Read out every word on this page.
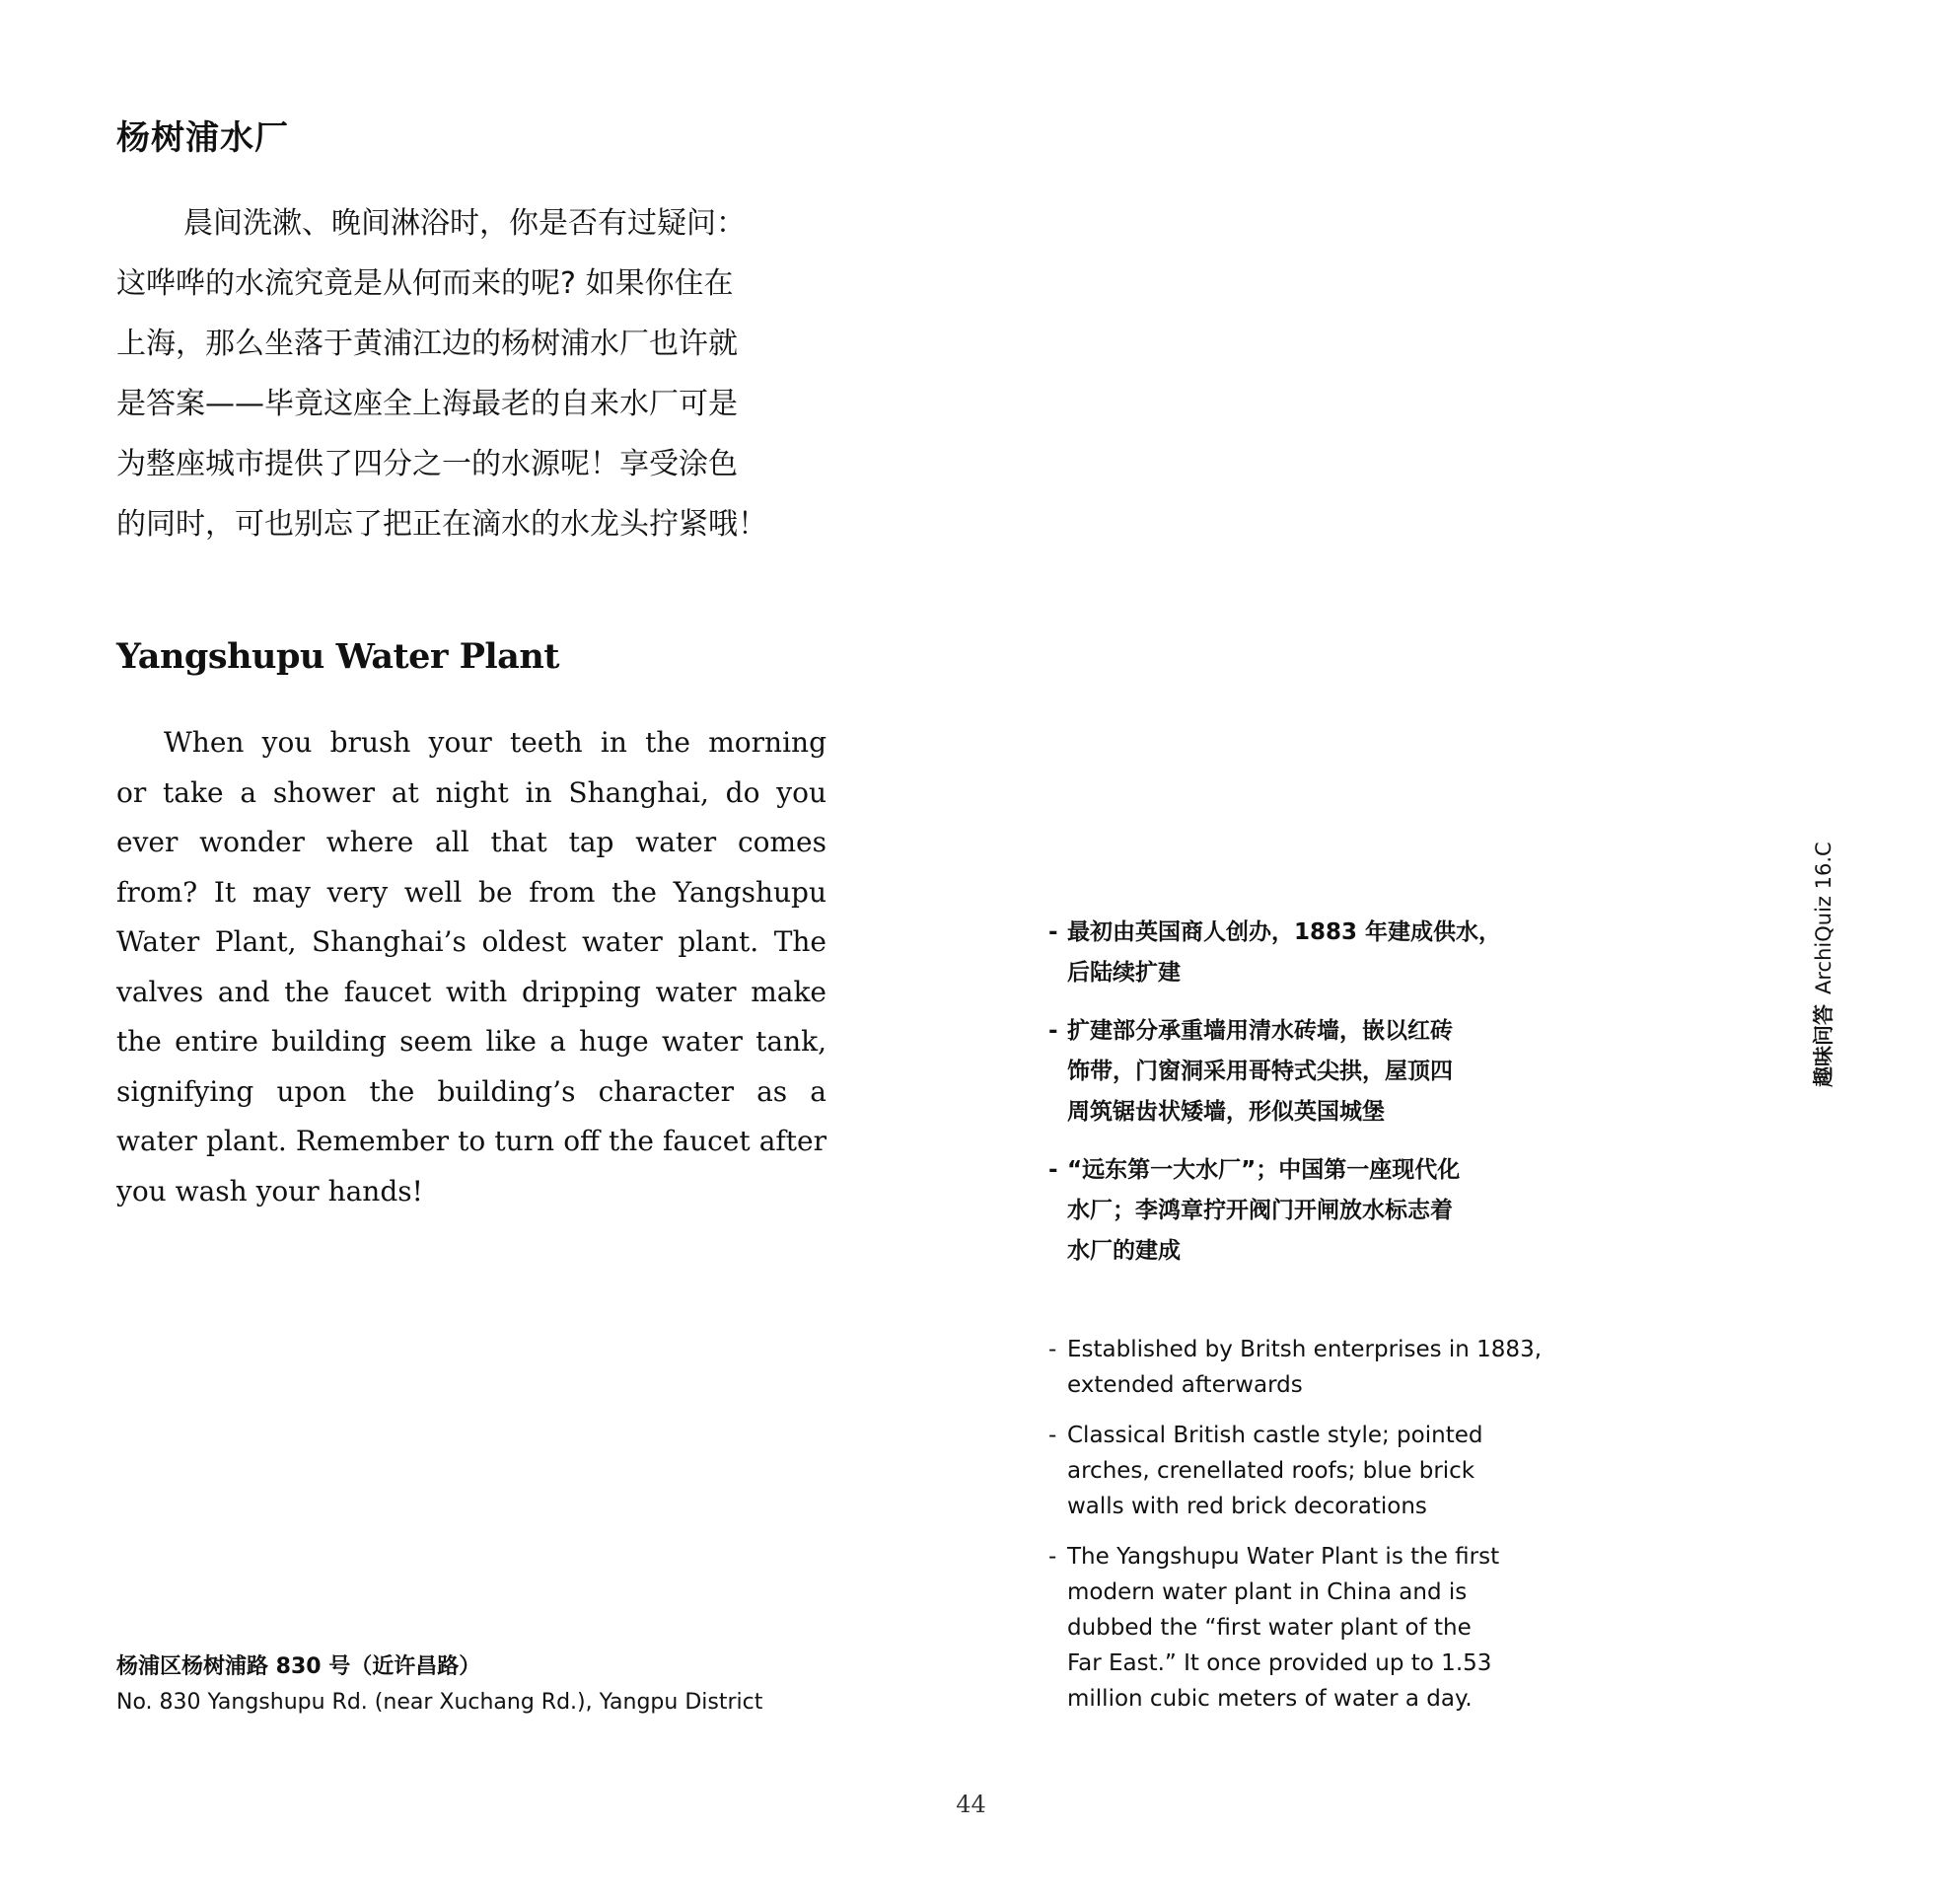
杨树浦水厂
晨间洗漱、晚间淋浴时，你是否有过疑问：
这哗哗的水流究竟是从何而来的呢? 如果你住在
上海，那么坐落于黄浦江边的杨树浦水厂也许就
是答案——毕竟这座全上海最老的自来水厂可是
为整座城市提供了四分之一的水源呢！享受涂色
的同时，可也别忘了把正在滴水的水龙头拧紧哦！
Yangshupu Water Plant
When you brush your teeth in the morning
or take a shower at night in Shanghai, do you
ever wonder where all that tap water comes
from? It may very well be from the Yangshupu
Water Plant, Shanghai’s oldest water plant. The
valves and the faucet with dripping water make
the entire building seem like a huge water tank,
signifying upon the building’s character as a
water plant. Remember to turn off the faucet after
you wash your hands!
杨浦区杨树浦路 830 号（近许昌路）
No. 830 Yangshupu Rd. (near Xuchang Rd.), Yangpu District
- 最初由英国商人创办，1883 年建成供水，
后陆续扩建
- 扩建部分承重墙用清水砖墙，嵌以红砖
饰带，门窗洞采用哥特式尖拱，屋顶四
周筑锯齿状矮墙，形似英国城堡
- “远东第一大水厂”；中国第一座现代化
水厂；李鸿章拧开阀门开闸放水标志着
水厂的建成
- Established by Britsh enterprises in 1883,
extended afterwards
- Classical British castle style; pointed
arches, crenellated roofs; blue brick
walls with red brick decorations
- The Yangshupu Water Plant is the first
modern water plant in China and is
dubbed the “first water plant of the
Far East.” It once provided up to 1.53
million cubic meters of water a day.
趣味问答ArchiQuiz 16.C
44
